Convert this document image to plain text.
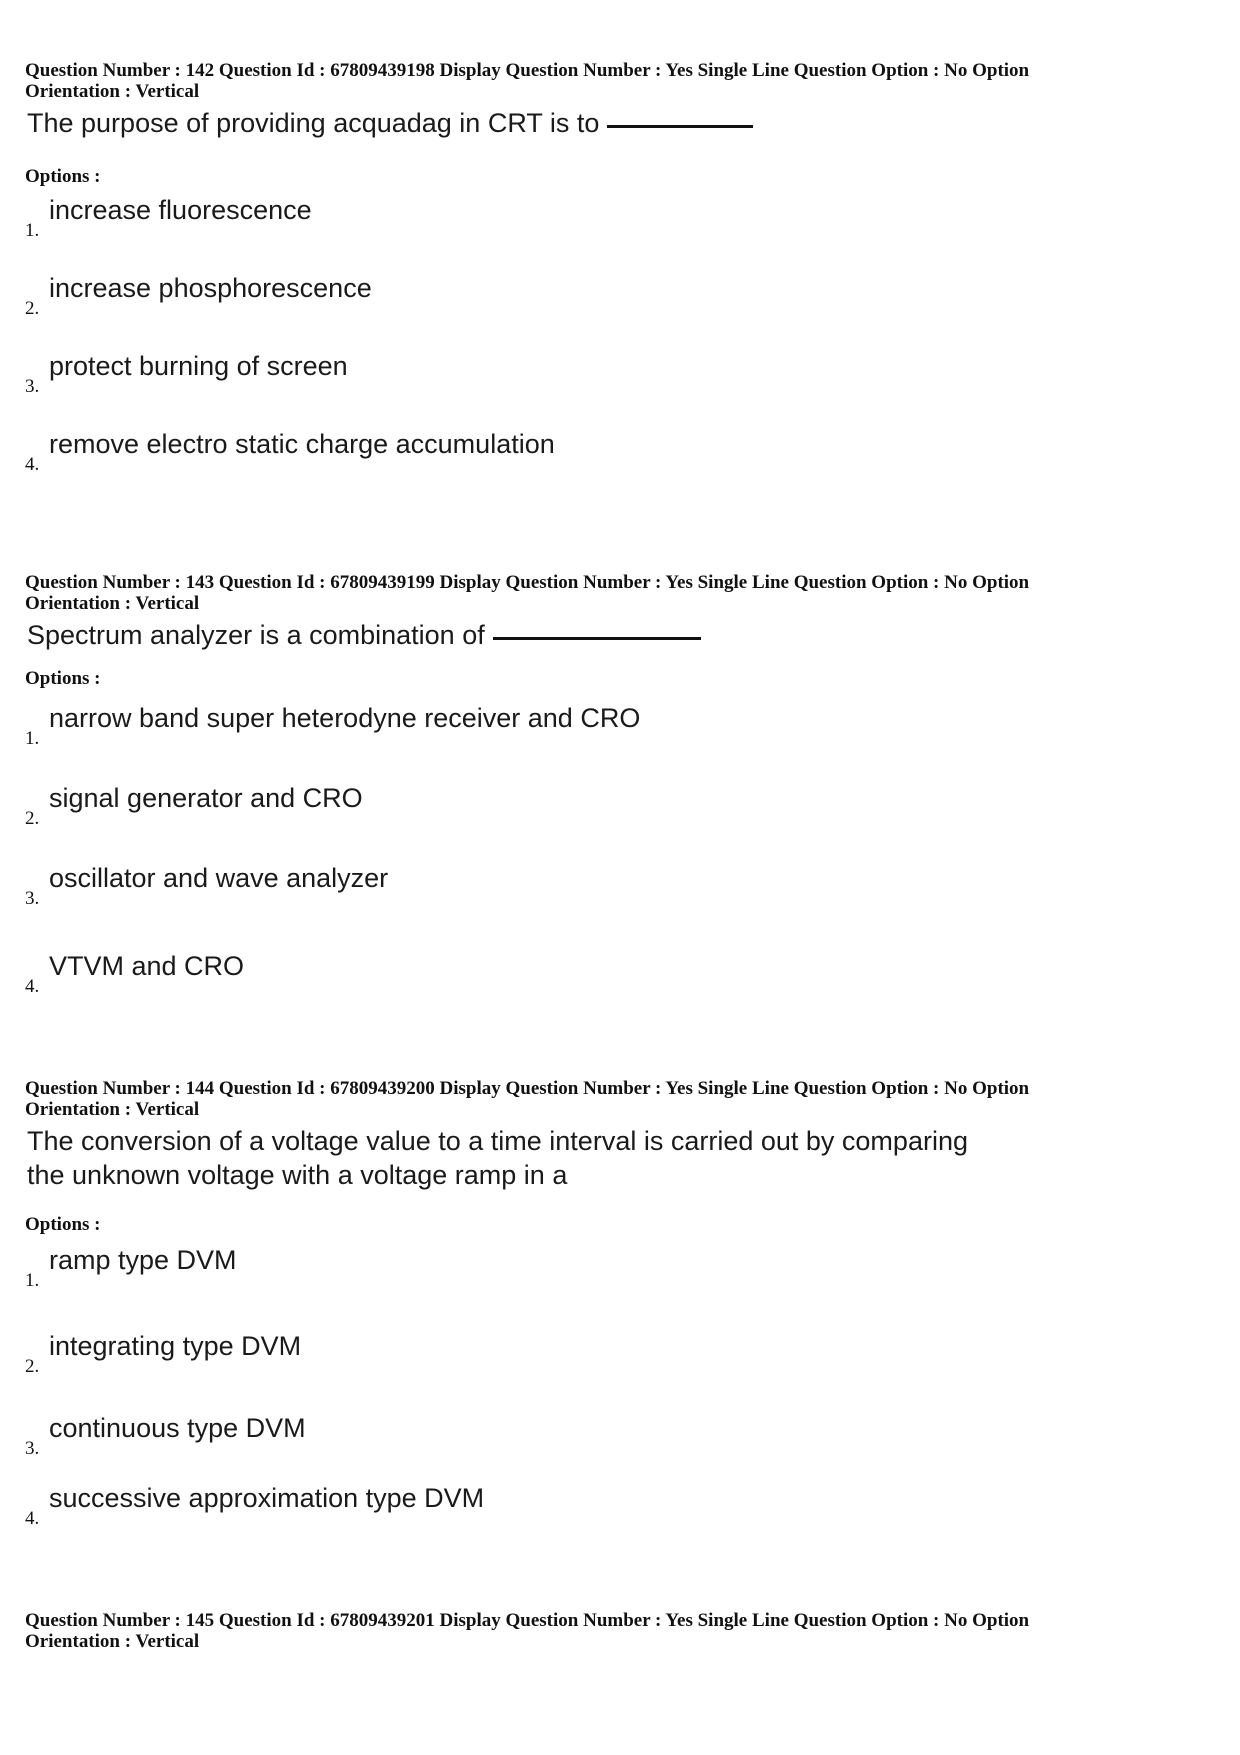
Question Number : 142 Question Id : 67809439198 Display Question Number : Yes Single Line Question Option : No Option
Orientation : Vertical

The purpose of providing acquadag in CRT is to
Options :
1.
increase fluorescence
2.
increase phosphorescence
3.
protect burning of screen
4.
remove electro static charge accumulation

Question Number : 143 Question Id : 67809439199 Display Question Number : Yes Single Line Question Option : No Option
Orientation : Vertical

Spectrum analyzer is a combination of
Options :
1.
narrow band super heterodyne receiver and CRO
2.
signal generator and CRO
3.
oscillator and wave analyzer
4.
VTVM and CRO

Question Number : 144 Question Id : 67809439200 Display Question Number : Yes Single Line Question Option : No Option
Orientation : Vertical

The conversion of a voltage value to a time interval is carried out by comparing
the unknown voltage with a voltage ramp in a
Options :
1.
ramp type DVM
2.
integrating type DVM
3.
continuous type DVM
4.
successive approximation type DVM

Question Number : 145 Question Id : 67809439201 Display Question Number : Yes Single Line Question Option : No Option
Orientation : Vertical
